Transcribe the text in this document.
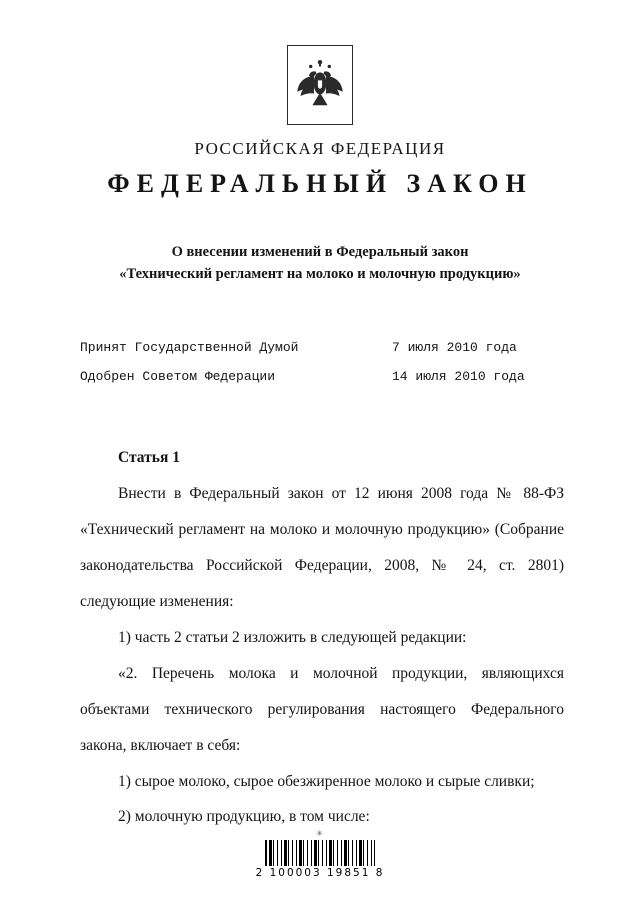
РОССИЙСКАЯ ФЕДЕРАЦИЯ
ФЕДЕРАЛЬНЫЙ ЗАКОН
О внесении изменений в Федеральный закон
«Технический регламент на молоко и молочную продукцию»
Принят Государственной Думой	7 июля 2010 года
Одобрен Советом Федерации	14 июля 2010 года

Статья 1

Внести в Федеральный закон от 12 июня 2008 года № 88-ФЗ «Технический регламент на молоко и молочную продукцию» (Собрание законодательства Российской Федерации, 2008, № 24, ст. 2801) следующие изменения:

1) часть 2 статьи 2 изложить в следующей редакции:

«2. Перечень молока и молочной продукции, являющихся объектами технического регулирования настоящего Федерального закона, включает в себя:

1) сырое молоко, сырое обезжиренное молоко и сырые сливки;

2) молочную продукцию, в том числе:

✳
2 100003 19851 8
